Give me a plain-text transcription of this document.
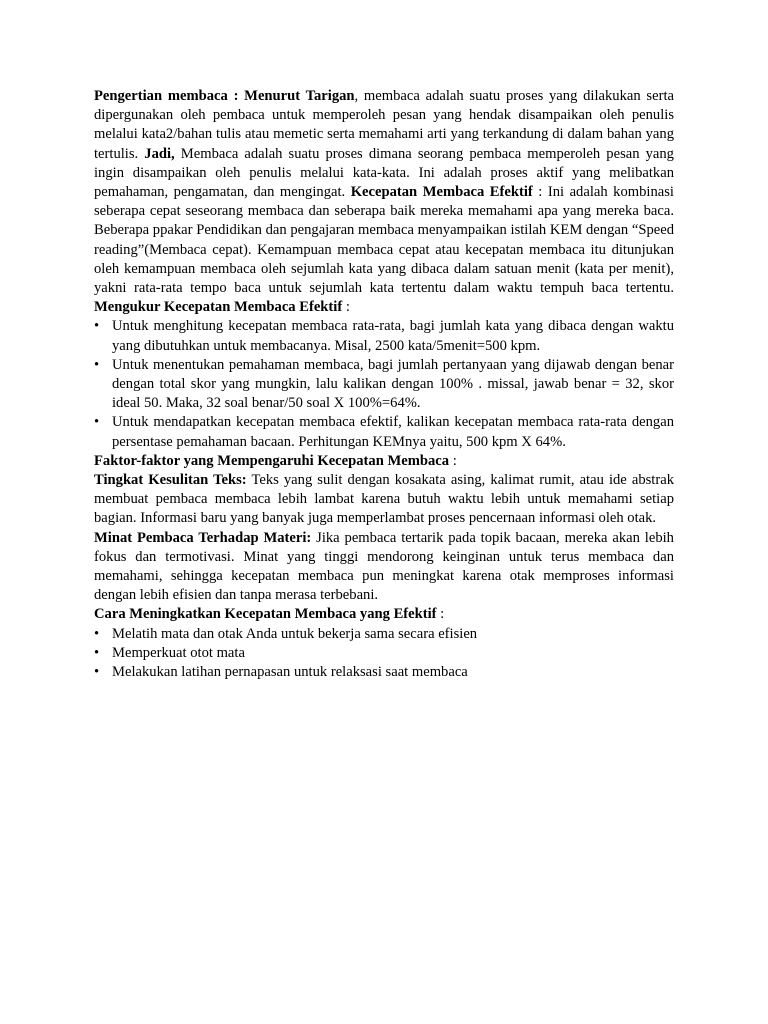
Pengertian membaca : Menurut Tarigan, membaca adalah suatu proses yang dilakukan serta dipergunakan oleh pembaca untuk memperoleh pesan yang hendak disampaikan oleh penulis melalui kata2/bahan tulis atau memetic serta memahami arti yang terkandung di dalam bahan yang tertulis. Jadi, Membaca adalah suatu proses dimana seorang pembaca memperoleh pesan yang ingin disampaikan oleh penulis melalui kata-kata. Ini adalah proses aktif yang melibatkan pemahaman, pengamatan, dan mengingat. Kecepatan Membaca Efektif : Ini adalah kombinasi seberapa cepat seseorang membaca dan seberapa baik mereka memahami apa yang mereka baca. Beberapa ppakar Pendidikan dan pengajaran membaca menyampaikan istilah KEM dengan “Speed reading”(Membaca cepat). Kemampuan membaca cepat atau kecepatan membaca itu ditunjukan oleh kemampuan membaca oleh sejumlah kata yang dibaca dalam satuan menit (kata per menit), yakni rata-rata tempo baca untuk sejumlah kata tertentu dalam waktu tempuh baca tertentu. Mengukur Kecepatan Membaca Efektif :

• Untuk menghitung kecepatan membaca rata-rata, bagi jumlah kata yang dibaca dengan waktu yang dibutuhkan untuk membacanya. Misal, 2500 kata/5menit=500 kpm.
• Untuk menentukan pemahaman membaca, bagi jumlah pertanyaan yang dijawab dengan benar dengan total skor yang mungkin, lalu kalikan dengan 100% . missal, jawab benar = 32, skor ideal 50. Maka, 32 soal benar/50 soal X 100%=64%.
• Untuk mendapatkan kecepatan membaca efektif, kalikan kecepatan membaca rata-rata dengan persentase pemahaman bacaan. Perhitungan KEMnya yaitu, 500 kpm X 64%.

Faktor-faktor yang Mempengaruhi Kecepatan Membaca :

Tingkat Kesulitan Teks: Teks yang sulit dengan kosakata asing, kalimat rumit, atau ide abstrak membuat pembaca membaca lebih lambat karena butuh waktu lebih untuk memahami setiap bagian. Informasi baru yang banyak juga memperlambat proses pencernaan informasi oleh otak.

Minat Pembaca Terhadap Materi: Jika pembaca tertarik pada topik bacaan, mereka akan lebih fokus dan termotivasi. Minat yang tinggi mendorong keinginan untuk terus membaca dan memahami, sehingga kecepatan membaca pun meningkat karena otak memproses informasi dengan lebih efisien dan tanpa merasa terbebani.

Cara Meningkatkan Kecepatan Membaca yang Efektif :

• Melatih mata dan otak Anda untuk bekerja sama secara efisien
• Memperkuat otot mata
• Melakukan latihan pernapasan untuk relaksasi saat membaca
